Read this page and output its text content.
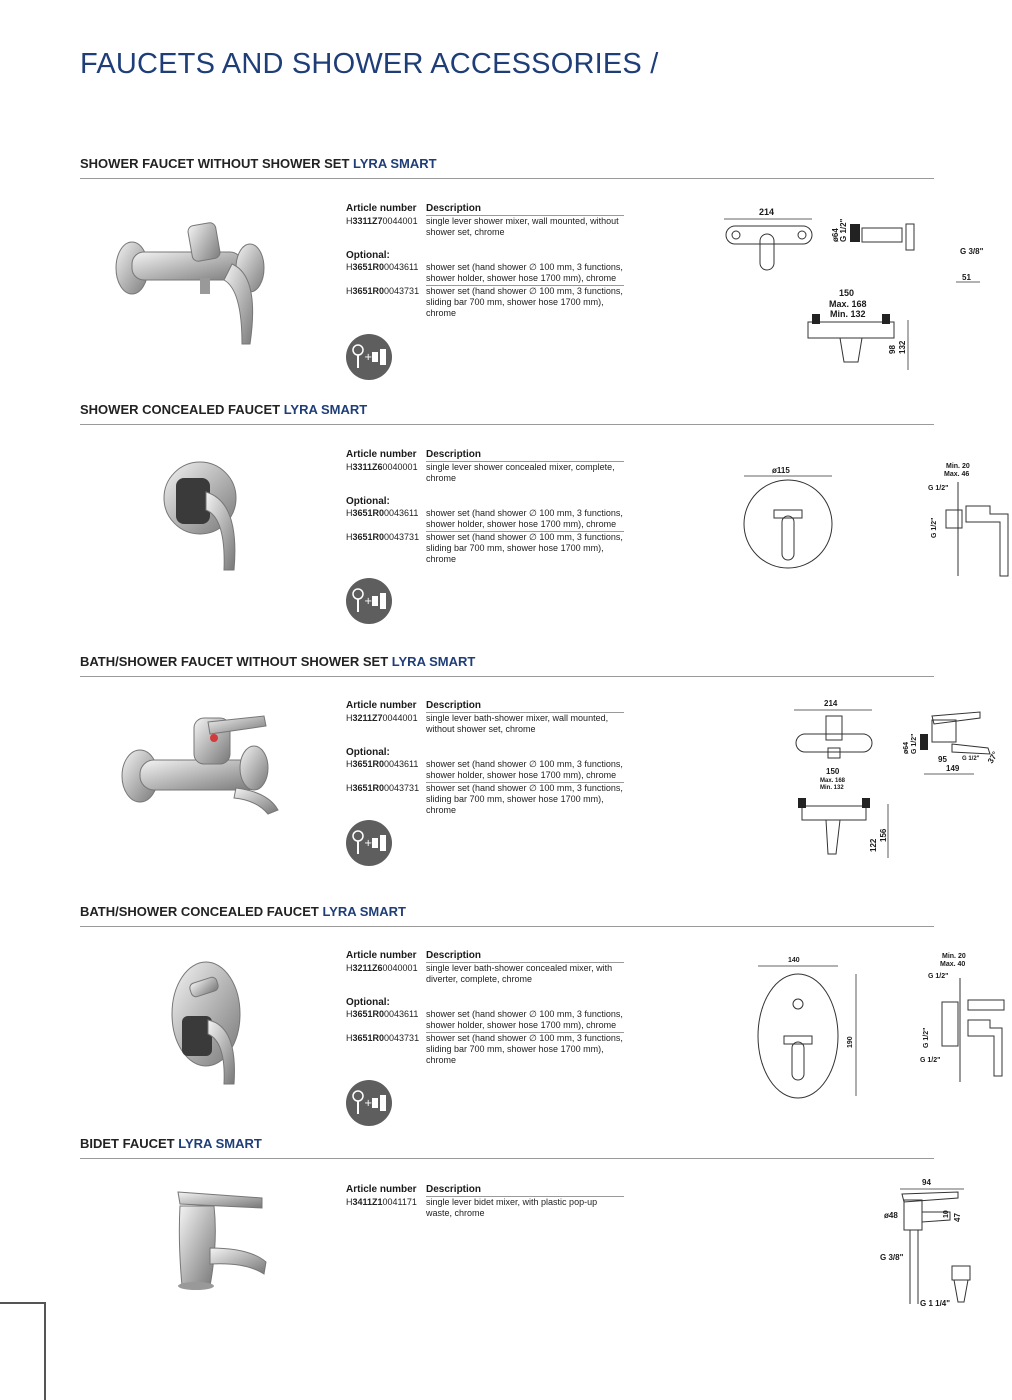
FAUCETS AND SHOWER ACCESSORIES /
SHOWER FAUCET WITHOUT SHOWER SET LYRA SMART
Article number Description
H3311Z70044001 single lever shower mixer, wall mounted, without shower set, chrome
Optional:
H3651R00043611 shower set (hand shower ∅ 100 mm, 3 functions, shower holder, shower hose 1700 mm), chrome
H3651R00043731 shower set (hand shower ∅ 100 mm, 3 functions, sliding bar 700 mm, shower hose 1700 mm), chrome
+
214
ø64 G 1/2"
G 3/8"
51
150
Max. 168
Min. 132
98 132
SHOWER CONCEALED FAUCET LYRA SMART
Article number Description
H3311Z60040001 single lever shower concealed mixer, complete, chrome
Optional:
H3651R00043611 shower set (hand shower ∅ 100 mm, 3 functions, shower holder, shower hose 1700 mm), chrome
H3651R00043731 shower set (hand shower ∅ 100 mm, 3 functions, sliding bar 700 mm, shower hose 1700 mm), chrome
+
ø115	Min. 20
Max. 46
G 1/2"
G 1/2"
BATH/SHOWER FAUCET WITHOUT SHOWER SET LYRA SMART
Article number Description
H3211Z70044001 single lever bath-shower mixer, wall mounted, without shower set, chrome
Optional:
H3651R00043611 shower set (hand shower ∅ 100 mm, 3 functions, shower holder, shower hose 1700 mm), chrome
H3651R00043731 shower set (hand shower ∅ 100 mm, 3 functions, sliding bar 700 mm, shower hose 1700 mm), chrome
+
214
ø64 G 1/2"
G 1/2"
95
149
37°
150
Max. 168
Min. 132
122
156
BATH/SHOWER CONCEALED FAUCET LYRA SMART
Article number Description
H3211Z60040001 single lever bath-shower concealed mixer, with diverter, complete, chrome
Optional:
H3651R00043611 shower set (hand shower ∅ 100 mm, 3 functions, shower holder, shower hose 1700 mm), chrome
H3651R00043731 shower set (hand shower ∅ 100 mm, 3 functions, sliding bar 700 mm, shower hose 1700 mm), chrome
+
140
190
Min. 20
Max. 40
G 1/2"
G 1/2"
G 1/2"
BIDET FAUCET LYRA SMART
Article number Description
H3411Z10041171	single lever bidet mixer, with plastic pop-up waste, chrome
94
ø48	10 47
G 3/8"
G 1 1/4"
